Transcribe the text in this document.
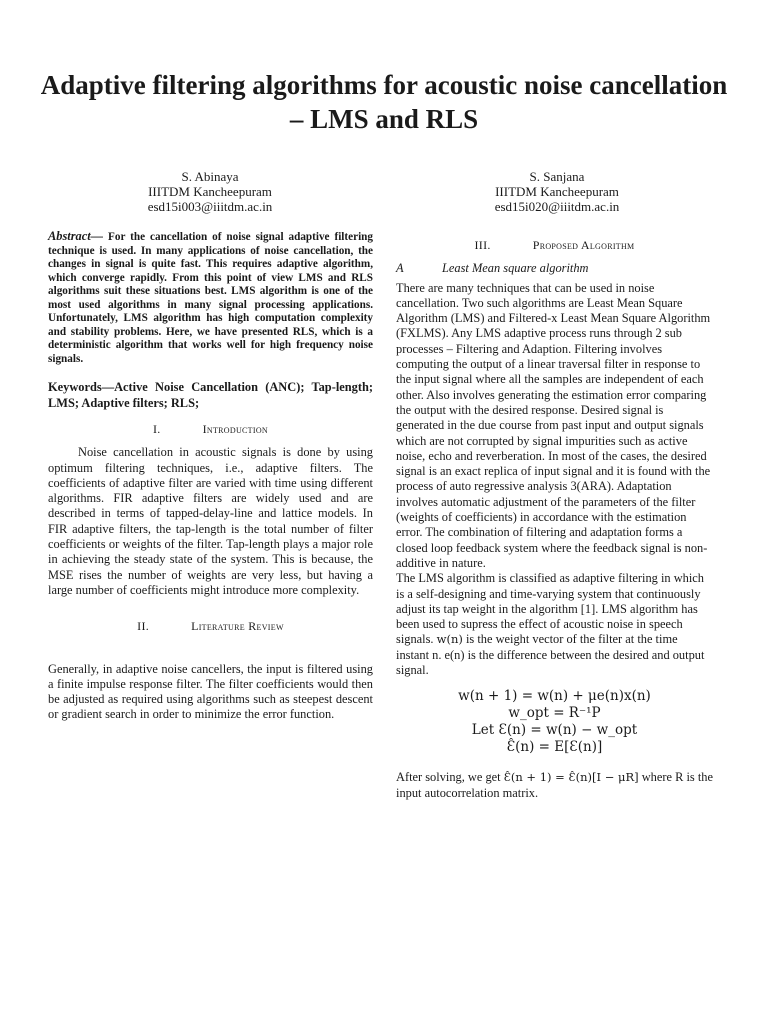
Adaptive filtering algorithms for acoustic noise cancellation – LMS and RLS
S. Abinaya
IIITDM Kancheepuram
esd15i003@iiitdm.ac.in
S. Sanjana
IIITDM Kancheepuram
esd15i020@iiitdm.ac.in

Abstract— For the cancellation of noise signal adaptive filtering technique is used. In many applications of noise cancellation, the changes in signal is quite fast. This requires adaptive algorithm, which converge rapidly. From this point of view LMS and RLS algorithms suit these situations best. LMS algorithm is one of the most used algorithms in many signal processing applications. Unfortunately, LMS algorithm has high computation complexity and stability problems. Here, we have presented RLS, which is a deterministic algorithm that works well for high frequency noise signals.

Keywords—Active Noise Cancellation (ANC); Tap-length; LMS; Adaptive filters; RLS;

I.	Introduction

Noise cancellation in acoustic signals is done by using optimum filtering techniques, i.e., adaptive filters. The coefficients of adaptive filter are varied with time using different algorithms. FIR adaptive filters are widely used and are described in terms of tapped-delay-line and lattice models. In FIR adaptive filters, the tap-length is the total number of filter coefficients or weights of the filter. Tap-length plays a major role in achieving the steady state of the system. This is because, the MSE rises the number of weights are very less, but having a large number of coefficients might introduce more complexity.

II.	Literature Review

Generally, in adaptive noise cancellers, the input is filtered using a finite impulse response filter. The filter coefficients would then be adjusted as required using algorithms such as steepest descent or gradient search in order to minimize the error function.

III.	Proposed Algorithm
A	Least Mean square algorithm

There are many techniques that can be used in noise cancellation. Two such algorithms are Least Mean Square Algorithm (LMS) and Filtered-x Least Mean Square Algorithm (FXLMS). Any LMS adaptive process runs through 2 sub processes – Filtering and Adaption. Filtering involves computing the output of a linear traversal filter in response to the input signal where all the samples are independent of each other. Also involves generating the estimation error comparing the output with the desired response. Desired signal is generated in the due course from past input and output signals which are not corrupted by signal impurities such as active noise, echo and reverberation. In most of the cases, the desired signal is an exact replica of input signal and it is found with the process of auto regressive analysis 3(ARA). Adaptation involves automatic adjustment of the parameters of the filter (weights of coefficients) in accordance with the estimation error. The combination of filtering and adaptation forms a closed loop feedback system where the feedback signal is non-additive in nature.

The LMS algorithm is classified as adaptive filtering in which is a self-designing and time-varying system that continuously adjust its tap weight in the algorithm [1]. LMS algorithm has been used to supress the effect of acoustic noise in speech signals. w(n) is the weight vector of the filter at the time instant n. e(n) is the difference between the desired and output signal.

w(n + 1) = w(n) + μe(n)x(n)
w_opt = R⁻¹P
Let Ɛ(n) = w(n) − w_opt
Ɛ̂(n) = E[Ɛ(n)]

After solving, we get Ɛ̂(n + 1) = Ɛ̂(n)[I − μR] where R is the input autocorrelation matrix.
